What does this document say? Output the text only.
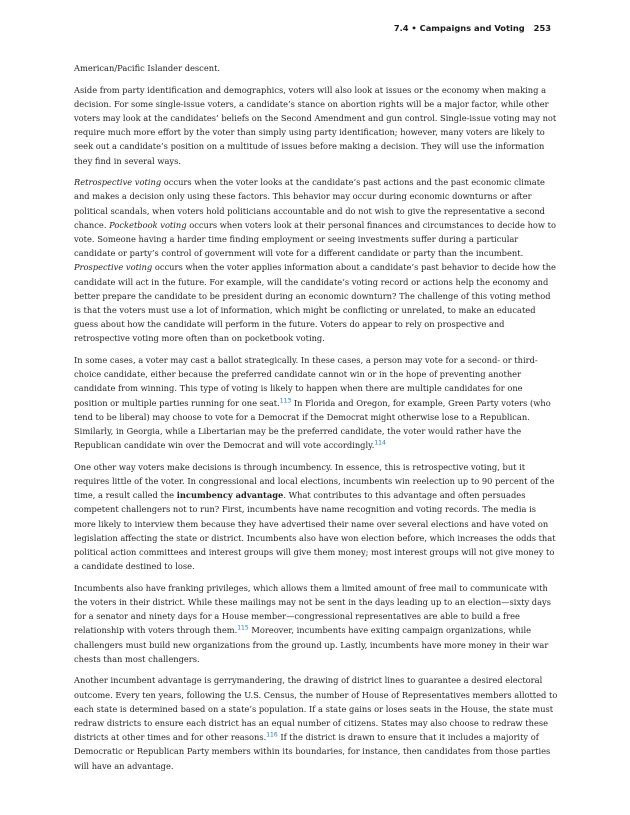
7.4 • Campaigns and Voting 253

American/Pacific Islander descent.

Aside from party identification and demographics, voters will also look at issues or the economy when making a decision. For some single-issue voters, a candidate’s stance on abortion rights will be a major factor, while other voters may look at the candidates’ beliefs on the Second Amendment and gun control. Single-issue voting may not require much more effort by the voter than simply using party identification; however, many voters are likely to seek out a candidate’s position on a multitude of issues before making a decision. They will use the information they find in several ways.

Retrospective voting occurs when the voter looks at the candidate’s past actions and the past economic climate and makes a decision only using these factors. This behavior may occur during economic downturns or after political scandals, when voters hold politicians accountable and do not wish to give the representative a second chance. Pocketbook voting occurs when voters look at their personal finances and circumstances to decide how to vote. Someone having a harder time finding employment or seeing investments suffer during a particular candidate or party’s control of government will vote for a different candidate or party than the incumbent. Prospective voting occurs when the voter applies information about a candidate’s past behavior to decide how the candidate will act in the future. For example, will the candidate’s voting record or actions help the economy and better prepare the candidate to be president during an economic downturn? The challenge of this voting method is that the voters must use a lot of information, which might be conflicting or unrelated, to make an educated guess about how the candidate will perform in the future. Voters do appear to rely on prospective and retrospective voting more often than on pocketbook voting.

In some cases, a voter may cast a ballot strategically. In these cases, a person may vote for a second- or third-choice candidate, either because the preferred candidate cannot win or in the hope of preventing another candidate from winning. This type of voting is likely to happen when there are multiple candidates for one position or multiple parties running for one seat.$^{113}$ In Florida and Oregon, for example, Green Party voters (who tend to be liberal) may choose to vote for a Democrat if the Democrat might otherwise lose to a Republican. Similarly, in Georgia, while a Libertarian may be the preferred candidate, the voter would rather have the Republican candidate win over the Democrat and will vote accordingly.$^{114}$

One other way voters make decisions is through incumbency. In essence, this is retrospective voting, but it requires little of the voter. In congressional and local elections, incumbents win reelection up to 90 percent of the time, a result called the incumbency advantage. What contributes to this advantage and often persuades competent challengers not to run? First, incumbents have name recognition and voting records. The media is more likely to interview them because they have advertised their name over several elections and have voted on legislation affecting the state or district. Incumbents also have won election before, which increases the odds that political action committees and interest groups will give them money; most interest groups will not give money to a candidate destined to lose.

Incumbents also have franking privileges, which allows them a limited amount of free mail to communicate with the voters in their district. While these mailings may not be sent in the days leading up to an election—sixty days for a senator and ninety days for a House member—congressional representatives are able to build a free relationship with voters through them.$^{115}$ Moreover, incumbents have exiting campaign organizations, while challengers must build new organizations from the ground up. Lastly, incumbents have more money in their war chests than most challengers.

Another incumbent advantage is gerrymandering, the drawing of district lines to guarantee a desired electoral outcome. Every ten years, following the U.S. Census, the number of House of Representatives members allotted to each state is determined based on a state’s population. If a state gains or loses seats in the House, the state must redraw districts to ensure each district has an equal number of citizens. States may also choose to redraw these districts at other times and for other reasons.$^{116}$ If the district is drawn to ensure that it includes a majority of Democratic or Republican Party members within its boundaries, for instance, then candidates from those parties will have an advantage.
